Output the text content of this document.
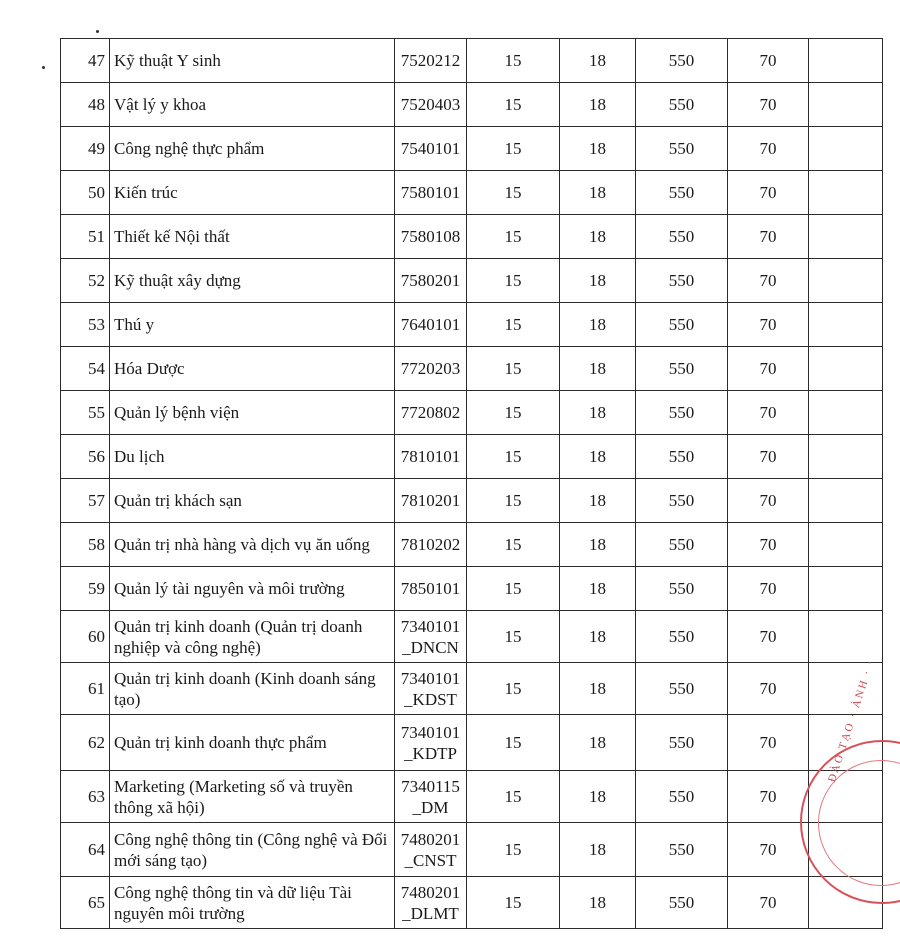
47	Kỹ thuật Y sinh	7520212	15	18	550	70	
48	Vật lý y khoa	7520403	15	18	550	70	
49	Công nghệ thực phẩm	7540101	15	18	550	70	
50	Kiến trúc	7580101	15	18	550	70	
51	Thiết kế Nội thất	7580108	15	18	550	70	
52	Kỹ thuật xây dựng	7580201	15	18	550	70	
53	Thú y	7640101	15	18	550	70	
54	Hóa Dược	7720203	15	18	550	70	
55	Quản lý bệnh viện	7720802	15	18	550	70	
56	Du lịch	7810101	15	18	550	70	
57	Quản trị khách sạn	7810201	15	18	550	70	
58	Quản trị nhà hàng và dịch vụ ăn uống	7810202	15	18	550	70	
59	Quản lý tài nguyên và môi trường	7850101	15	18	550	70	
60	Quản trị kinh doanh (Quản trị doanh nghiệp và công nghệ)	7340101 _DNCN	15	18	550	70	
61	Quản trị kinh doanh (Kinh doanh sáng tạo)	7340101 _KDST	15	18	550	70	
62	Quản trị kinh doanh thực phẩm	7340101 _KDTP	15	18	550	70	
63	Marketing (Marketing số và truyền thông xã hội)	7340115 _DM	15	18	550	70	
64	Công nghệ thông tin (Công nghệ và Đổi mới sáng tạo)	7480201 _CNST	15	18	550	70	
65	Công nghệ thông tin và dữ liệu Tài nguyên môi trường	7480201 _DLMT	15	18	550	70	
ĐÀO TẠO · ÀNH · ·
